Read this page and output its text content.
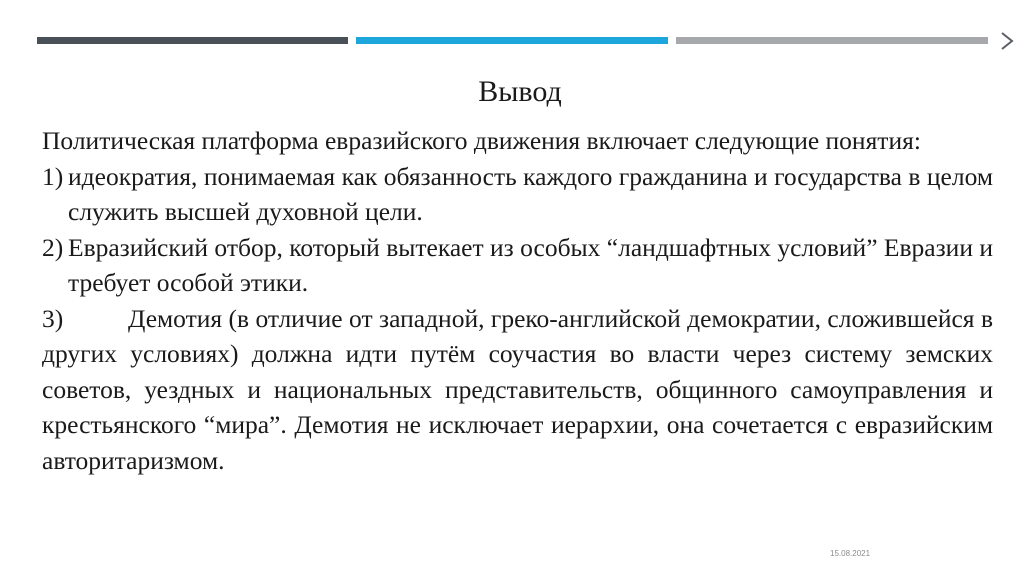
Вывод

Политическая платформа евразийского движения включает следующие понятия:

1) идеократия, понимаемая как обязанность каждого гражданина и государства в целом служить высшей духовной цели.
2) Евразийский отбор, который вытекает из особых “ландшафтных условий” Евразии и требует особой этики.

3)	Демотия (в отличие от западной, греко-английской демократии, сложившейся в других условиях) должна идти путём соучастия во власти через систему земских советов, уездных и национальных представительств, общинного самоуправления и крестьянского “мира”. Демотия не исключает иерархии, она сочетается с евразийским авторитаризмом.

15.08.2021
